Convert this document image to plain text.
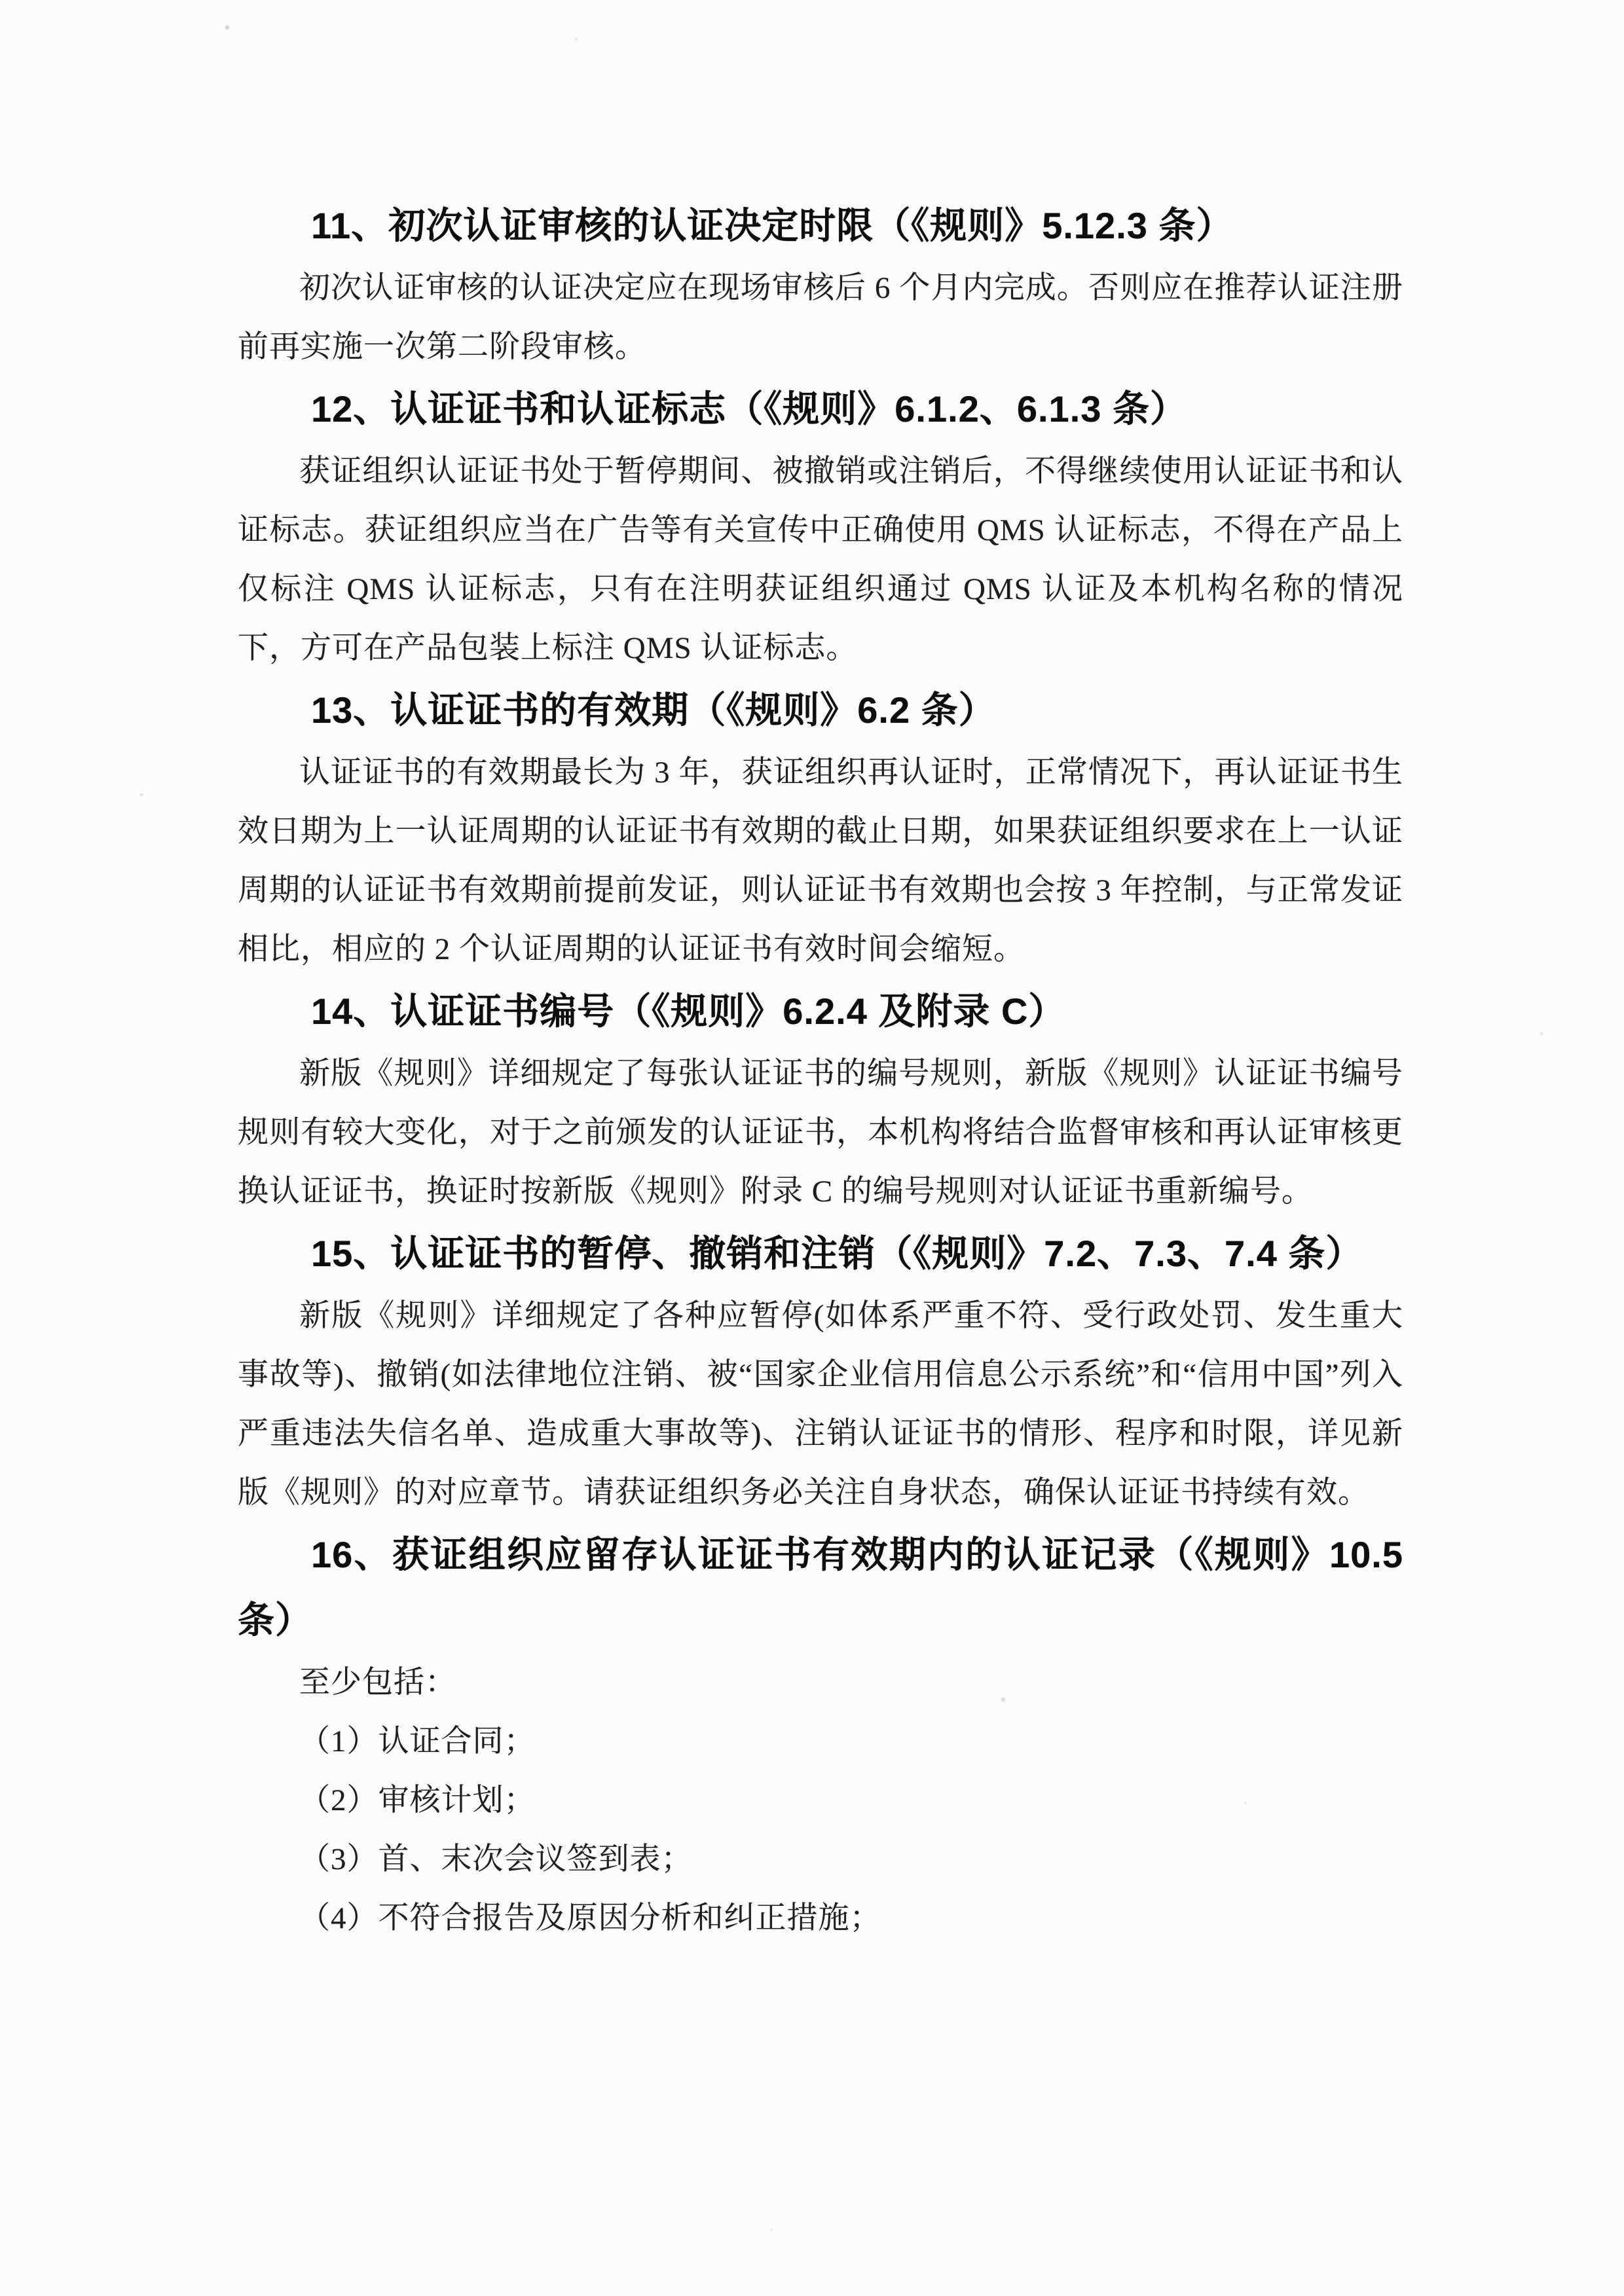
11、初次认证审核的认证决定时限（《规则》5.12.3 条）

初次认证审核的认证决定应在现场审核后 6 个月内完成。否则应在推荐认证注册前再实施一次第二阶段审核。

12、认证证书和认证标志（《规则》6.1.2、6.1.3 条）

获证组织认证证书处于暂停期间、被撤销或注销后，不得继续使用认证证书和认证标志。获证组织应当在广告等有关宣传中正确使用 QMS 认证标志，不得在产品上仅标注 QMS 认证标志，只有在注明获证组织通过 QMS 认证及本机构名称的情况下，方可在产品包装上标注 QMS 认证标志。

13、认证证书的有效期（《规则》6.2 条）

认证证书的有效期最长为 3 年，获证组织再认证时，正常情况下，再认证证书生效日期为上一认证周期的认证证书有效期的截止日期，如果获证组织要求在上一认证周期的认证证书有效期前提前发证，则认证证书有效期也会按 3 年控制，与正常发证相比，相应的 2 个认证周期的认证证书有效时间会缩短。

14、认证证书编号（《规则》6.2.4 及附录 C）

新版《规则》详细规定了每张认证证书的编号规则，新版《规则》认证证书编号规则有较大变化，对于之前颁发的认证证书，本机构将结合监督审核和再认证审核更换认证证书，换证时按新版《规则》附录 C 的编号规则对认证证书重新编号。

15、认证证书的暂停、撤销和注销（《规则》7.2、7.3、7.4 条）

新版《规则》详细规定了各种应暂停(如体系严重不符、受行政处罚、发生重大事故等)、撤销(如法律地位注销、被“国家企业信用信息公示系统”和“信用中国”列入严重违法失信名单、造成重大事故等)、注销认证证书的情形、程序和时限，详见新版《规则》的对应章节。请获证组织务必关注自身状态，确保认证证书持续有效。

16、获证组织应留存认证证书有效期内的认证记录（《规则》10.5 条）

至少包括：

（1）认证合同；

（2）审核计划；

（3）首、末次会议签到表；

（4）不符合报告及原因分析和纠正措施；
